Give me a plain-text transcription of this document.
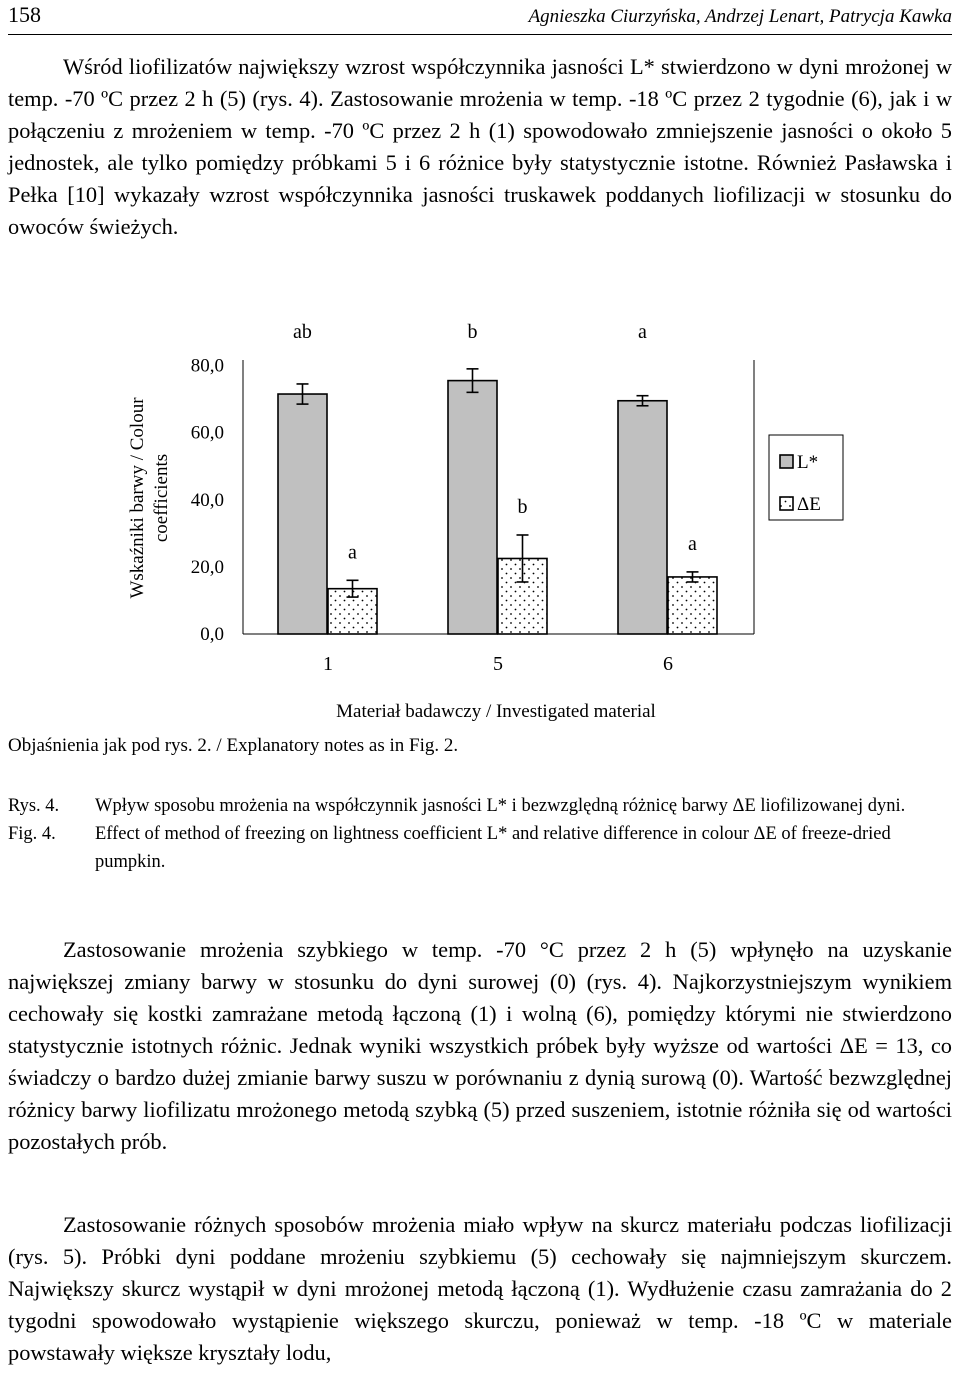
158	Agnieszka Ciurzyńska, Andrzej Lenart, Patrycja Kawka

Wśród liofilizatów największy wzrost współczynnika jasności L* stwierdzono w dyni mrożonej w temp. -70 ºC przez 2 h (5) (rys. 4). Zastosowanie mrożenia w temp. -18 ºC przez 2 tygodnie (6), jak i w połączeniu z mrożeniem w temp. -70 ºC przez 2 h (1) spowodowało zmniejszenie jasności o około 5 jednostek, ale tylko pomiędzy próbkami 5 i 6 różnice były statystycznie istotne. Również Pasławska i Pełka [10] wykazały wzrost współczynnika jasności truskawek poddanych liofilizacji w stosunku do owoców świeżych.

Wskaźniki barwy / Colour coefficients
0,0
20,0
40,0
60,0
80,0
ab
a
b
b
a
a
1	5	6
Materiał badawczy / Investigated material
L*
ΔE
Objaśnienia jak pod rys. 2. / Explanatory notes as in Fig. 2.
Rys. 4.	Wpływ sposobu mrożenia na współczynnik jasności L* i bezwzględną różnicę barwy ΔE liofilizowanej dyni.
Fig. 4.	Effect of method of freezing on lightness coefficient L* and relative difference in colour ΔE of freeze-dried pumpkin.

Zastosowanie mrożenia szybkiego w temp. -70 °C przez 2 h (5) wpłynęło na uzyskanie największej zmiany barwy w stosunku do dyni surowej (0) (rys. 4). Najkorzystniejszym wynikiem cechowały się kostki zamrażane metodą łączoną (1) i wolną (6), pomiędzy którymi nie stwierdzono statystycznie istotnych różnic. Jednak wyniki wszystkich próbek były wyższe od wartości ΔE = 13, co świadczy o bardzo dużej zmianie barwy suszu w porównaniu z dynią surową (0). Wartość bezwzględnej różnicy barwy liofilizatu mrożonego metodą szybką (5) przed suszeniem, istotnie różniła się od wartości pozostałych prób.

Zastosowanie różnych sposobów mrożenia miało wpływ na skurcz materiału podczas liofilizacji (rys. 5). Próbki dyni poddane mrożeniu szybkiemu (5) cechowały się najmniejszym skurczem. Największy skurcz wystąpił w dyni mrożonej metodą łączoną (1). Wydłużenie czasu zamrażania do 2 tygodni spowodowało wystąpienie większego skurczu, ponieważ w temp. -18 ºC w materiale powstawały większe kryształy lodu,
